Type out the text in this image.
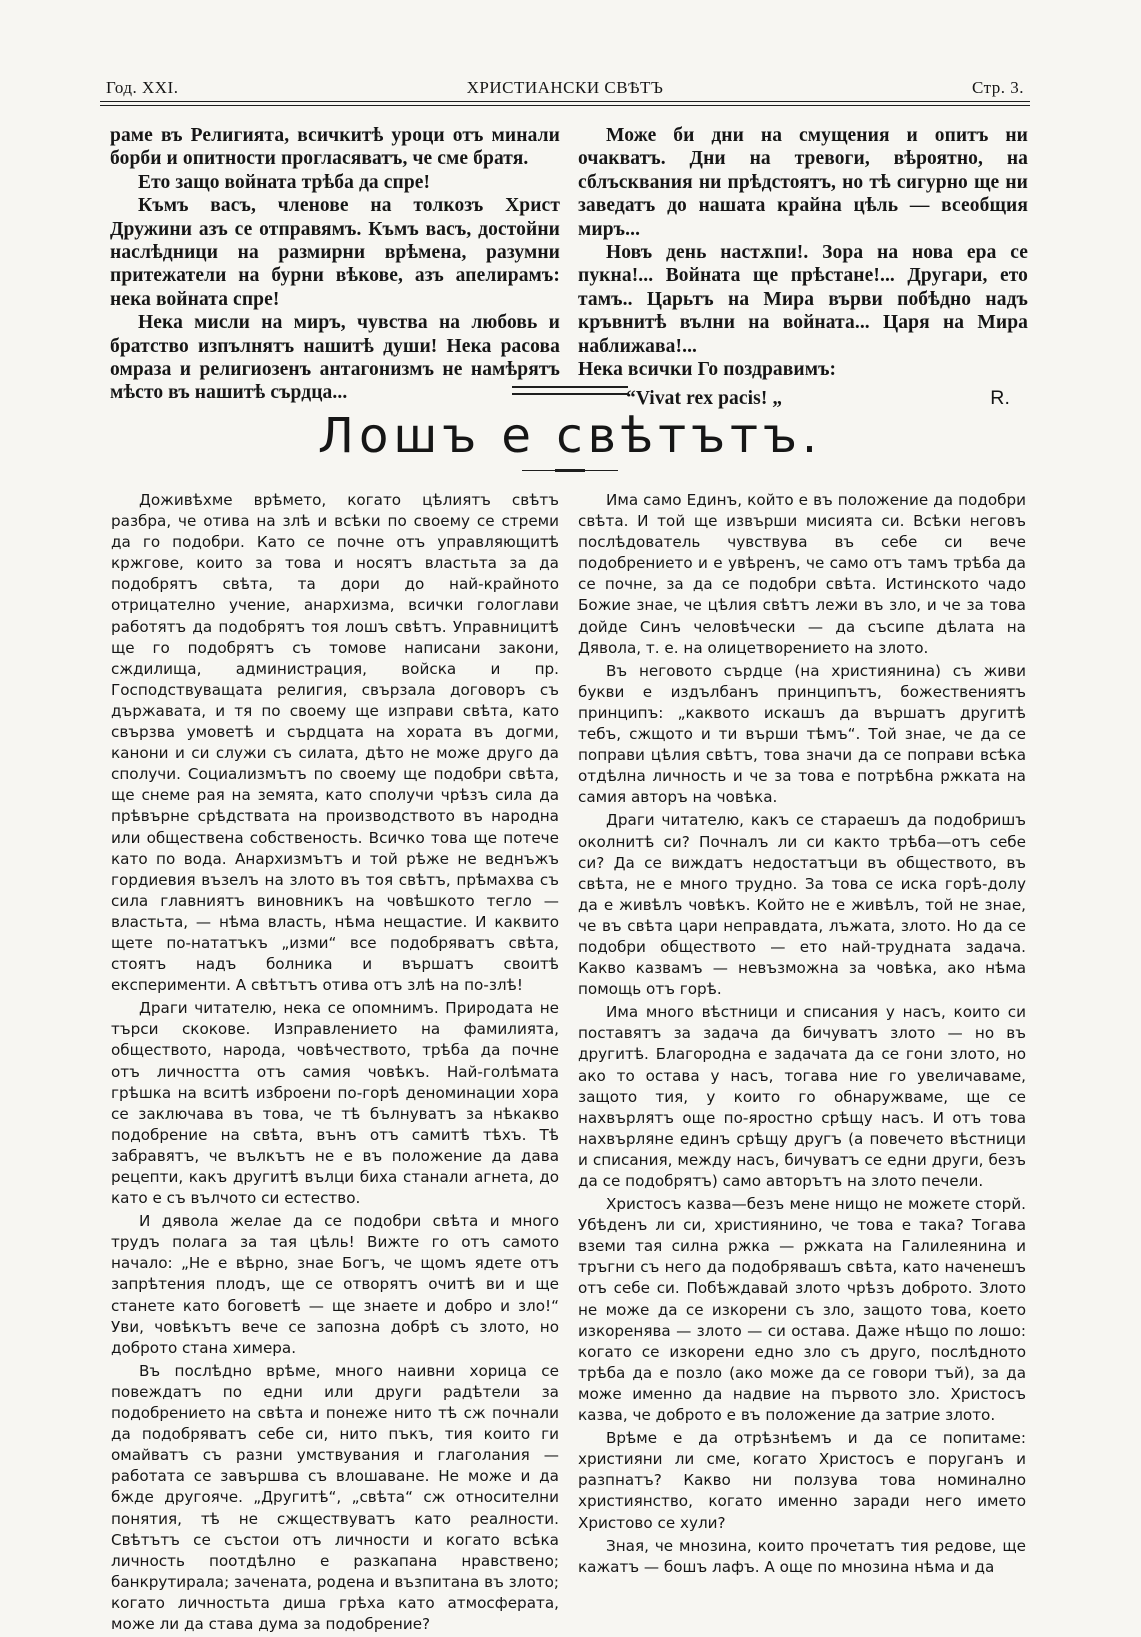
ХРИСТИАНСКИ СВѢТЪ
Год. XXI.	Стр. 3.

раме въ Религията, всичкитѣ уроци отъ минали борби и опитности прогласяватъ, че сме братя.

Ето защо войната трѣба да спре!

Къмъ васъ, членове на толкозъ Христ Дружини азъ се отправямъ. Къмъ васъ, достойни наслѣдници на размирни врѣмена, разумни притежатели на бурни вѣкове, азъ апелирамъ: нека войната спре!

Нека мисли на миръ, чувства на любовь и братство изпълнятъ нашитѣ души! Нека расова омраза и религиозенъ антагонизмъ не намѣрятъ мѣсто въ нашитѣ сърдца...

Може би дни на смущения и опитъ ни очакватъ. Дни на тревоги, вѣроятно, на сблъсквания ни прѣдстоятъ, но тѣ сигурно ще ни заведатъ до нашата крайна цѣль — всеобщия миръ...

Новъ день настѫпи!. Зора на нова ера се пукна!... Войната ще прѣстане!... Другари, ето тамъ.. Царьтъ на Мира върви побѣдно надъ кръвнитѣ вълни на войната... Царя на Мира наближава!...

Нека всички Го поздравимъ:

“Vivat rex pacis! „	R.
Лошъ е свѣтътъ.

Доживѣхме врѣмето, когато цѣлиятъ свѣтъ разбра, че отива на злѣ и всѣки по своему се стреми да го подобри. Като се почне отъ управляющитѣ кржгове, които за това и носятъ властьта за да подобрятъ свѣта, та дори до най-крайното отрицателно учение, анархизма, всички гологлави работятъ да подобрятъ тоя лошъ свѣтъ. Управницитѣ ще го подобрятъ съ томове написани закони, сждилища, администрация, войска и пр. Господствуващата религия, свързала договоръ съ държавата, и тя по своему ще изправи свѣта, като свързва умоветѣ и сърдцата на хората въ догми, канони и си служи съ силата, дѣто не може друго да сполучи. Социализмътъ по своему ще подобри свѣта, ще снеме рая на земята, като сполучи чрѣзъ сила да прѣвърне срѣдствата на производството въ народна или обществена собственость. Всичко това ще потече като по вода. Анархизмътъ и той рѣже не веднъжъ гордиевия възелъ на злото въ тоя свѣтъ, прѣмахва съ сила главниятъ виновникъ на човѣшкото тегло — властьта, — нѣма власть, нѣма нещастие. И каквито щете по-нататъкъ „изми“ все подобряватъ свѣта, стоятъ надъ болника и вършатъ своитѣ експерименти. А свѣтътъ отива отъ злѣ на по-злѣ!

Драги читателю, нека се опомнимъ. Природата не търси скокове. Изправлението на фамилията, обществото, народа, човѣчеството, трѣба да почне отъ личността отъ самия човѣкъ. Най-голѣмата грѣшка на вситѣ изброени по-горѣ деноминации хора се заключава въ това, че тѣ бълнуватъ за нѣкакво подобрение на свѣта, вънъ отъ самитѣ тѣхъ. Тѣ забравятъ, че вълкътъ не е въ положение да дава рецепти, какъ другитѣ вълци биха станали агнета, до като е съ вълчото си естество.

И дявола желае да се подобри свѣта и много трудъ полага за тая цѣль! Вижте го отъ самото начало: „Не е вѣрно, знае Богъ, че щомъ ядете отъ запрѣтения плодъ, ще се отворятъ очитѣ ви и ще станете като боговетѣ — ще знаете и добро и зло!“ Уви, човѣкътъ вече се запозна добрѣ съ злото, но доброто стана химера.

Въ послѣдно врѣме, много наивни хорица се повеждатъ по едни или други радѣтели за подобрението на свѣта и понеже нито тѣ сж почнали да подобряватъ себе си, нито пъкъ, тия които ги омайватъ съ разни умствувания и глаголания — работата се завършва съ влошаване. Не може и да бжде другояче. „Другитѣ“, „свѣта“ сж относителни понятия, тѣ не сжществуватъ като реалности. Свѣтътъ се състои отъ личности и когато всѣка личность поотдѣлно е разкапана нравствено; банкрутирала; зачената, родена и възпитана въ злото; когато личностьта диша грѣха като атмосферата, може ли да става дума за подобрение?

Има само Единъ, който е въ положение да подобри свѣта. И той ще извърши мисията си. Всѣки неговъ послѣдователь чувствува въ себе си вече подобрението и е увѣренъ, че само отъ тамъ трѣба да се почне, за да се подобри свѣта. Истинското чадо Божие знае, че цѣлия свѣтъ лежи въ зло, и че за това дойде Синъ человѣчески — да съсипе дѣлата на Дявола, т. е. на олицетворението на злото.

Въ неговото сърдце (на християнина) съ живи букви е издълбанъ принципътъ, божествениятъ принципъ: „каквото искашъ да вършатъ другитѣ тебъ, сжщото и ти върши тѣмъ“. Той знае, че да се поправи цѣлия свѣтъ, това значи да се поправи всѣка отдѣлна личность и че за това е потрѣбна ржката на самия авторъ на човѣка.

Драги читателю, какъ се стараешъ да подобришъ околнитѣ си? Почналъ ли си както трѣба—отъ себе си? Да се виждатъ недостатъци въ обществото, въ свѣта, не е много трудно. За това се иска горѣ-долу да е живѣлъ човѣкъ. Който не е живѣлъ, той не знае, че въ свѣта цари неправдата, лъжата, злото. Но да се подобри обществото — ето най-трудната задача. Какво казвамъ — невъзможна за човѣка, ако нѣма помощь отъ горѣ.

Има много вѣстници и списания у насъ, които си поставятъ за задача да бичуватъ злото — но въ другитѣ. Благородна е задачата да се гони злото, но ако то остава у насъ, тогава ние го увеличаваме, защото тия, у които го обнаружваме, ще се нахвърлятъ още по-яростно срѣщу насъ. И отъ това нахвърляне единъ срѣщу другъ (а повечето вѣстници и списания, между насъ, бичуватъ се едни други, безъ да се подобрятъ) само авторътъ на злото печели.

Христосъ казва—безъ мене нищо не можете сторй. Убѣденъ ли си, християнино, че това е така? Тогава вземи тая силна ржка — ржката на Галилеянина и тръгни съ него да подобрявашъ свѣта, като наченешъ отъ себе си. Побѣждавай злото чрѣзъ доброто. Злото не може да се изкорени съ зло, защото това, което изкоренява — злото — си остава. Даже нѣщо по лошо: когато се изкорени едно зло съ друго, послѣдното трѣба да е позло (ако може да се говори тъй), за да може именно да надвие на първото зло. Христосъ казва, че доброто е въ положение да затрие злото.

Врѣме е да отрѣзнѣемъ и да се попитаме: християни ли сме, когато Христосъ е поруганъ и разпнатъ? Какво ни ползува това номинално християнство, когато именно заради него името Христово се хули?

Зная, че мнозина, които прочетатъ тия редове, ще кажатъ — бошъ лафъ. А още по мнозина нѣма и да
